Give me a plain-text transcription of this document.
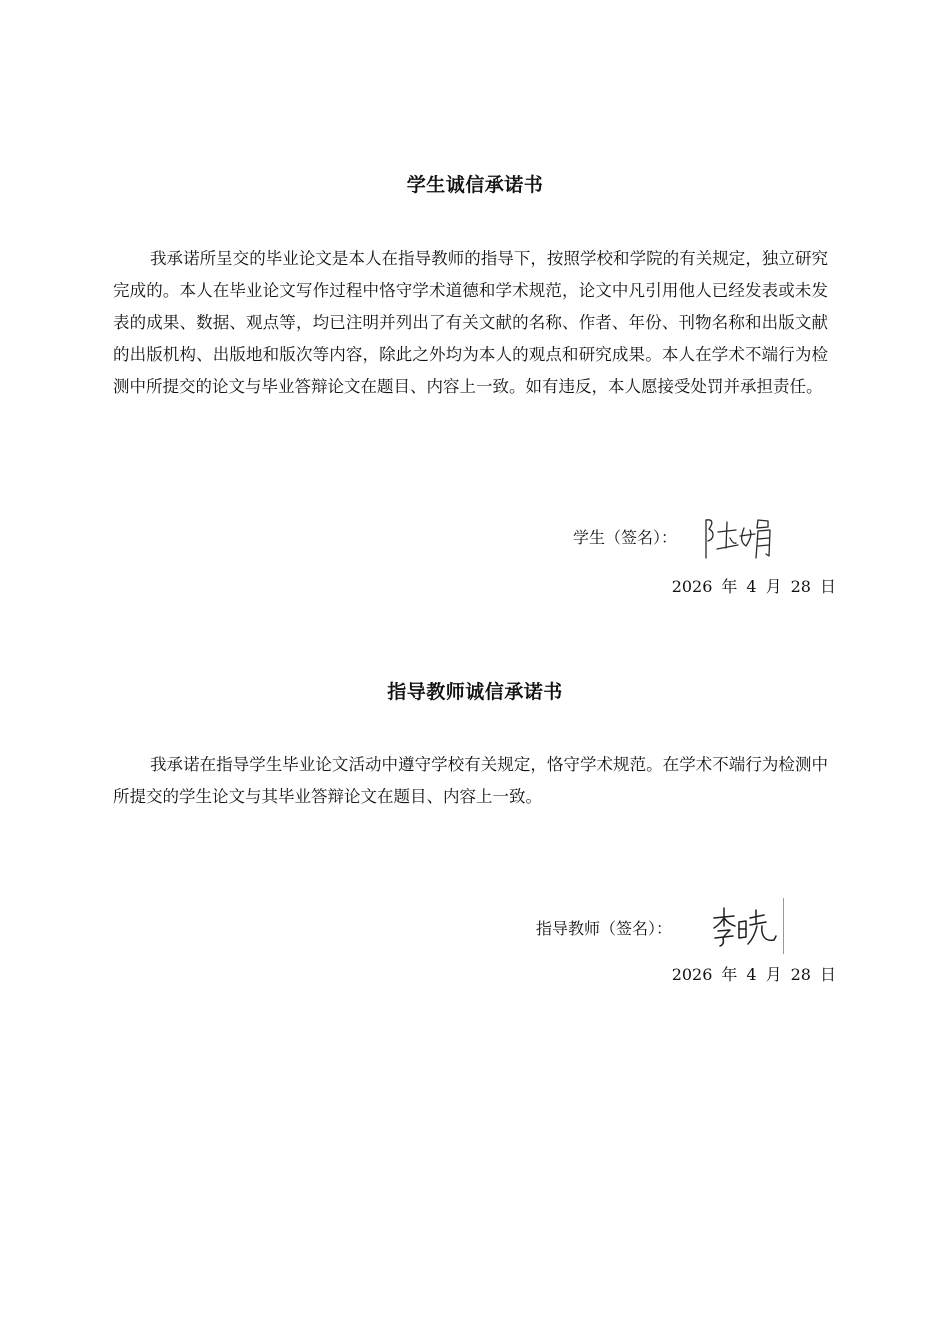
学生诚信承诺书
我承诺所呈交的毕业论文是本人在指导教师的指导下，按照学校和学院的有关规定，独立研究完成的。本人在毕业论文写作过程中恪守学术道德和学术规范，论文中凡引用他人已经发表或未发表的成果、数据、观点等，均已注明并列出了有关文献的名称、作者、年份、刊物名称和出版文献的出版机构、出版地和版次等内容，除此之外均为本人的观点和研究成果。本人在学术不端行为检测中所提交的论文与毕业答辩论文在题目、内容上一致。如有违反，本人愿接受处罚并承担责任。
学生（签名）：
2026 年 4 月 28 日
指导教师诚信承诺书
我承诺在指导学生毕业论文活动中遵守学校有关规定，恪守学术规范。在学术不端行为检测中所提交的学生论文与其毕业答辩论文在题目、内容上一致。
指导教师（签名）：
2026 年 4 月 28 日
